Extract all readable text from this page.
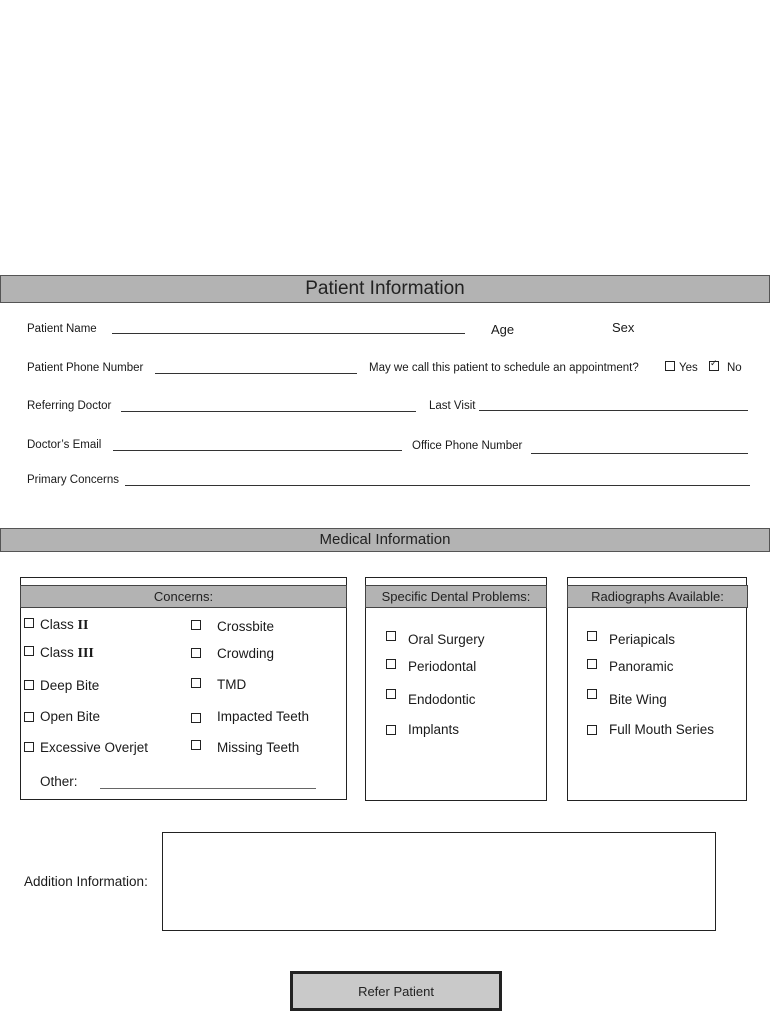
Patient Information
Patient Name	Age	Sex
Patient Phone Number	May we call this patient to schedule an appointment?	Yes
✓	No
Referring Doctor	Last Visit
Doctor’s Email	Office Phone Number
Primary Concerns
Medical Information
Concerns:
Class II
Class III
Deep Bite
Open Bite
Excessive Overjet
Crossbite
Crowding
TMD
Impacted Teeth
Missing Teeth
Other:
Specific Dental Problems:
Oral Surgery
Periodontal
Endodontic
Implants
Radiographs Available:
Periapicals
Panoramic
Bite Wing
Full Mouth Series
Addition Information:
Refer Patient
